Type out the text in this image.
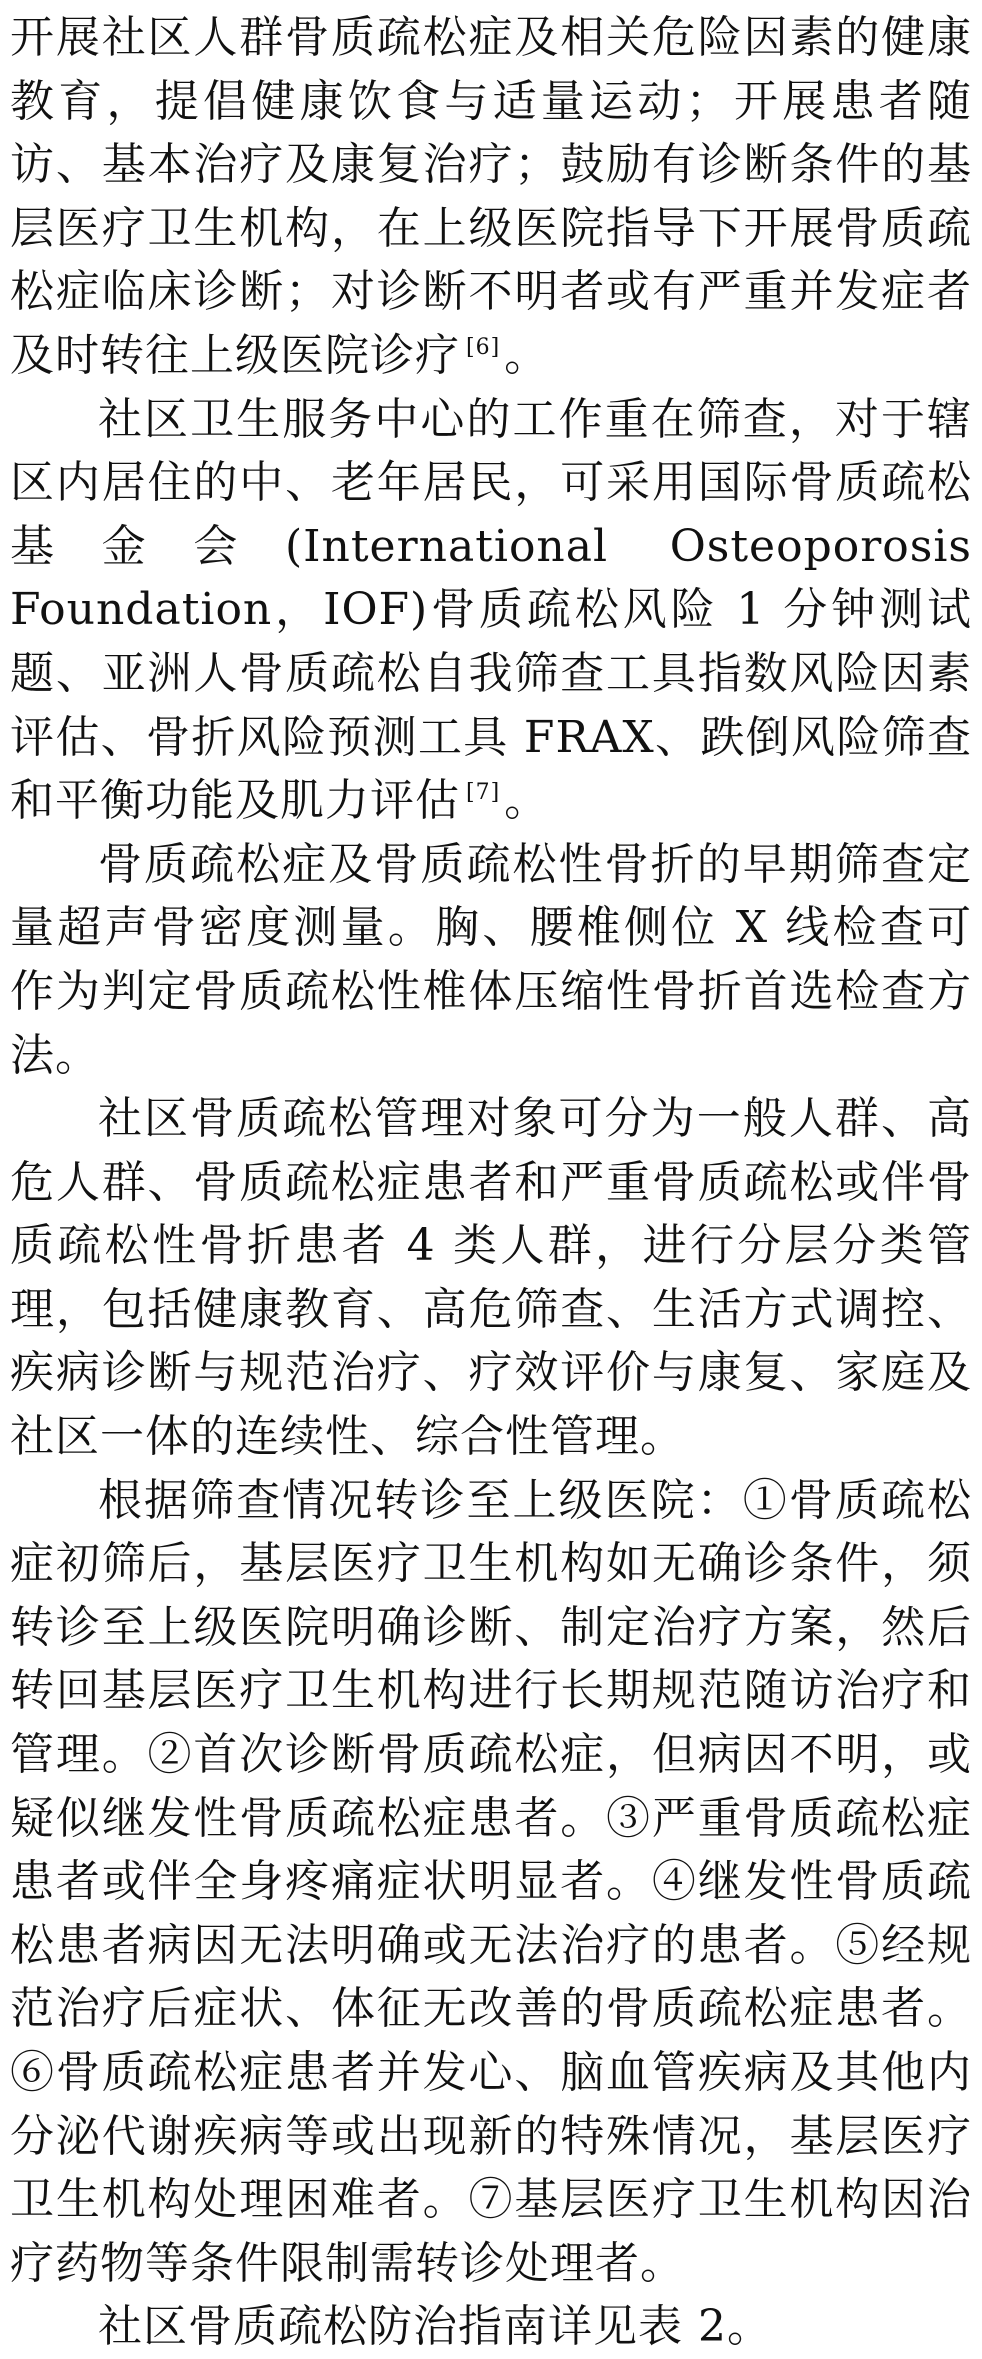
开展社区人群骨质疏松症及相关危险因素的健康教育，提倡健康饮食与适量运动；开展患者随访、基本治疗及康复治疗；鼓励有诊断条件的基层医疗卫生机构，在上级医院指导下开展骨质疏松症临床诊断；对诊断不明者或有严重并发症者及时转往上级医院诊疗 [6]。

社区卫生服务中心的工作重在筛查，对于辖区内居住的中、老年居民，可采用国际骨质疏松基金会(International Osteoporosis Foundation，IOF)骨质疏松风险 1 分钟测试题、亚洲人骨质疏松自我筛查工具指数风险因素评估、骨折风险预测工具 FRAX、跌倒风险筛查和平衡功能及肌力评估 [7]。

骨质疏松症及骨质疏松性骨折的早期筛查定量超声骨密度测量。胸、腰椎侧位 X 线检查可作为判定骨质疏松性椎体压缩性骨折首选检查方法。

社区骨质疏松管理对象可分为一般人群、高危人群、骨质疏松症患者和严重骨质疏松或伴骨质疏松性骨折患者 4 类人群，进行分层分类管理，包括健康教育、高危筛查、生活方式调控、疾病诊断与规范治疗、疗效评价与康复、家庭及社区一体的连续性、综合性管理。

根据筛查情况转诊至上级医院：①骨质疏松症初筛后，基层医疗卫生机构如无确诊条件，须转诊至上级医院明确诊断、制定治疗方案，然后转回基层医疗卫生机构进行长期规范随访治疗和管理。②首次诊断骨质疏松症，但病因不明，或疑似继发性骨质疏松症患者。③严重骨质疏松症患者或伴全身疼痛症状明显者。④继发性骨质疏松患者病因无法明确或无法治疗的患者。⑤经规范治疗后症状、体征无改善的骨质疏松症患者。⑥骨质疏松症患者并发心、脑血管疾病及其他内分泌代谢疾病等或出现新的特殊情况，基层医疗卫生机构处理困难者。⑦基层医疗卫生机构因治疗药物等条件限制需转诊处理者。

社区骨质疏松防治指南详见表 2。
